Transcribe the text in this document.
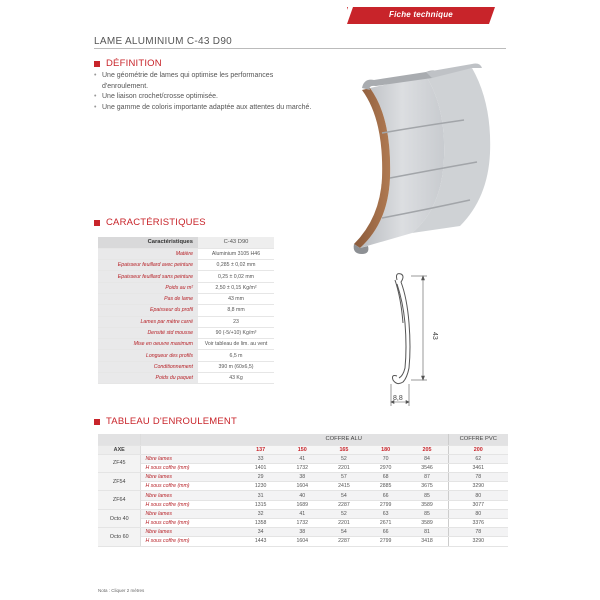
Fiche technique
LAME ALUMINIUM C-43 D90
DÉFINITION
• Une géométrie de lames qui optimise les performances d'enroulement.
• Une liaison crochet/crosse optimisée.
• Une gamme de coloris importante adaptée aux attentes du marché.
CARACTÉRISTIQUES
Caractéristiques	C-43 D90
Matière	Aluminium 3105 H46
Epaisseur feuillard avec peinture	0,285 ± 0,02 mm
Epaisseur feuillard sans peinture	0,25 ± 0,02 mm
Poids au m²	2,50 ± 0,15 Kg/m²
Pas de lame	43 mm
Epaisseur du profil	8,8 mm
Lames par mètre carré	23
Densité std mousse	90 (-5/+10) Kg/m³
Mise en oeuvre maximum	Voir tableau de lim. au vent
Longueur des profils	6,5 m
Conditionnement	390 m (60x6,5)
Poids du paquet	43 Kg
43
8,8
TABLEAU D'ENROULEMENT
		COFFRE ALU					COFFRE PVC
AXE		137	150	165	180	205	200
ZF45	Nbre lames	33	41	52	70	84	62
	H sous coffre (mm)	1401	1732	2201	2970	3546	3461
ZF54	Nbre lames	29	38	57	68	87	78
	H sous coffre (mm)	1230	1604	2415	2885	3675	3290
ZF64	Nbre lames	31	40	54	66	85	80
	H sous coffre (mm)	1315	1689	2287	2799	3589	3077
Octo 40	Nbre lames	32	41	52	63	85	80
	H sous coffre (mm)	1358	1732	2201	2671	3589	3376
Octo 60	Nbre lames	34	38	54	66	81	78
	H sous coffre (mm)	1443	1604	2287	2799	3418	3290
Nota : Cliquer 2 mètres
